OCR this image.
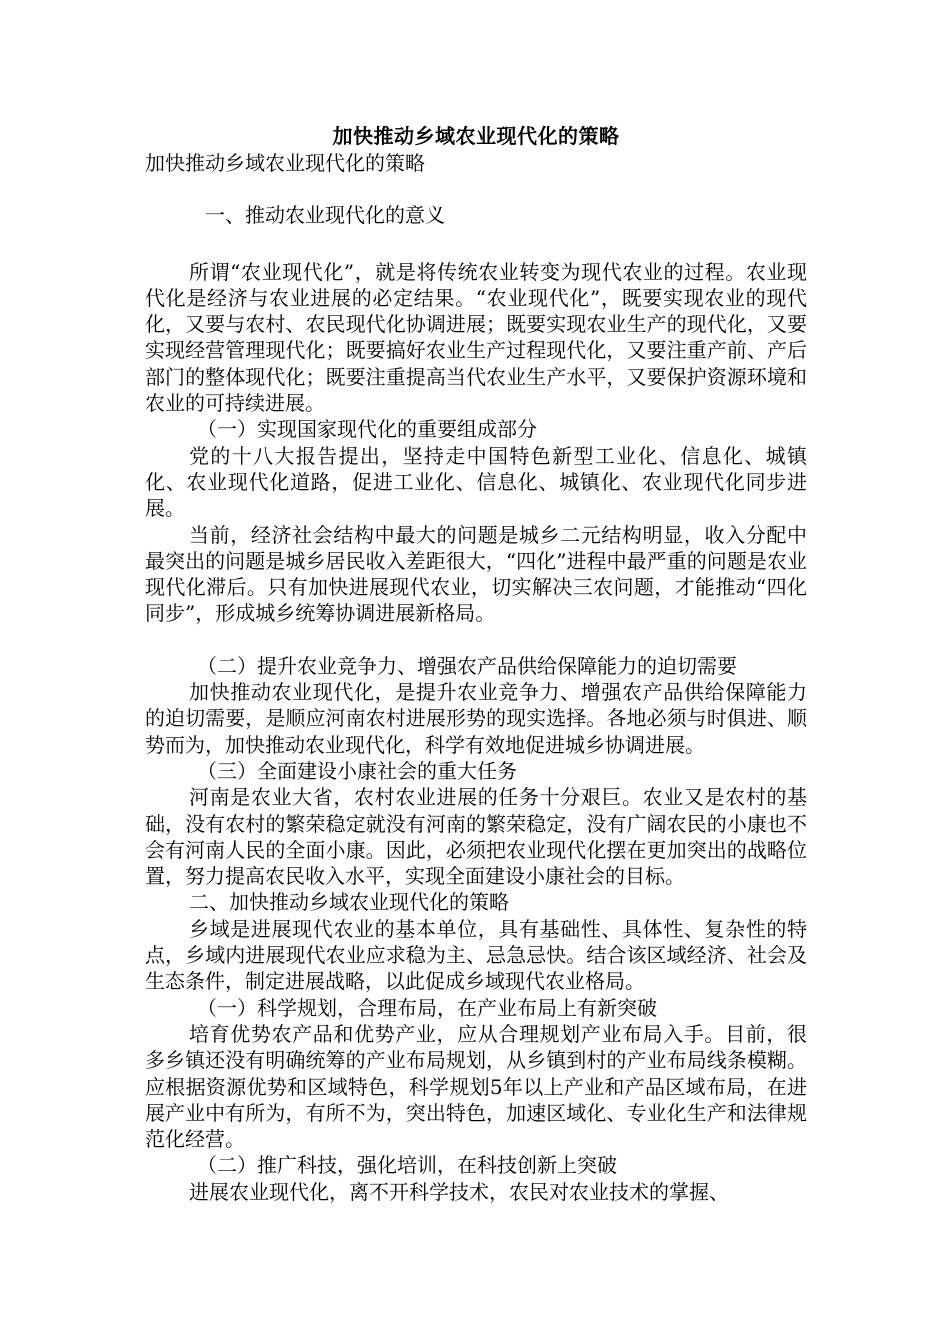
加快推动乡域农业现代化的策略

加快推动乡域农业现代化的策略

一、推动农业现代化的意义

所谓“农业现代化”，就是将传统农业转变为现代农业的过程。农业现代化是经济与农业进展的必定结果。“农业现代化”，既要实现农业的现代化，又要与农村、农民现代化协调进展；既要实现农业生产的现代化，又要实现经营管理现代化；既要搞好农业生产过程现代化，又要注重产前、产后部门的整体现代化；既要注重提高当代农业生产水平，又要保护资源环境和农业的可持续进展。

（一）实现国家现代化的重要组成部分

党的十八大报告提出，坚持走中国特色新型工业化、信息化、城镇化、农业现代化道路，促进工业化、信息化、城镇化、农业现代化同步进展。

当前，经济社会结构中最大的问题是城乡二元结构明显，收入分配中最突出的问题是城乡居民收入差距很大，“四化”进程中最严重的问题是农业现代化滞后。只有加快进展现代农业，切实解决三农问题，才能推动“四化同步”，形成城乡统筹协调进展新格局。

（二）提升农业竞争力、增强农产品供给保障能力的迫切需要

加快推动农业现代化，是提升农业竞争力、增强农产品供给保障能力的迫切需要，是顺应河南农村进展形势的现实选择。各地必须与时俱进、顺势而为，加快推动农业现代化，科学有效地促进城乡协调进展。

（三）全面建设小康社会的重大任务

河南是农业大省，农村农业进展的任务十分艰巨。农业又是农村的基础，没有农村的繁荣稳定就没有河南的繁荣稳定，没有广阔农民的小康也不会有河南人民的全面小康。因此，必须把农业现代化摆在更加突出的战略位置，努力提高农民收入水平，实现全面建设小康社会的目标。

二、加快推动乡域农业现代化的策略

乡域是进展现代农业的基本单位，具有基础性、具体性、复杂性的特点，乡域内进展现代农业应求稳为主、忌急忌快。结合该区域经济、社会及生态条件，制定进展战略，以此促成乡域现代农业格局。

（一）科学规划，合理布局，在产业布局上有新突破

培育优势农产品和优势产业，应从合理规划产业布局入手。目前，很多乡镇还没有明确统筹的产业布局规划，从乡镇到村的产业布局线条模糊。应根据资源优势和区域特色，科学规划5年以上产业和产品区域布局，在进展产业中有所为，有所不为，突出特色，加速区域化、专业化生产和法律规范化经营。

（二）推广科技，强化培训，在科技创新上突破

进展农业现代化，离不开科学技术，农民对农业技术的掌握、
